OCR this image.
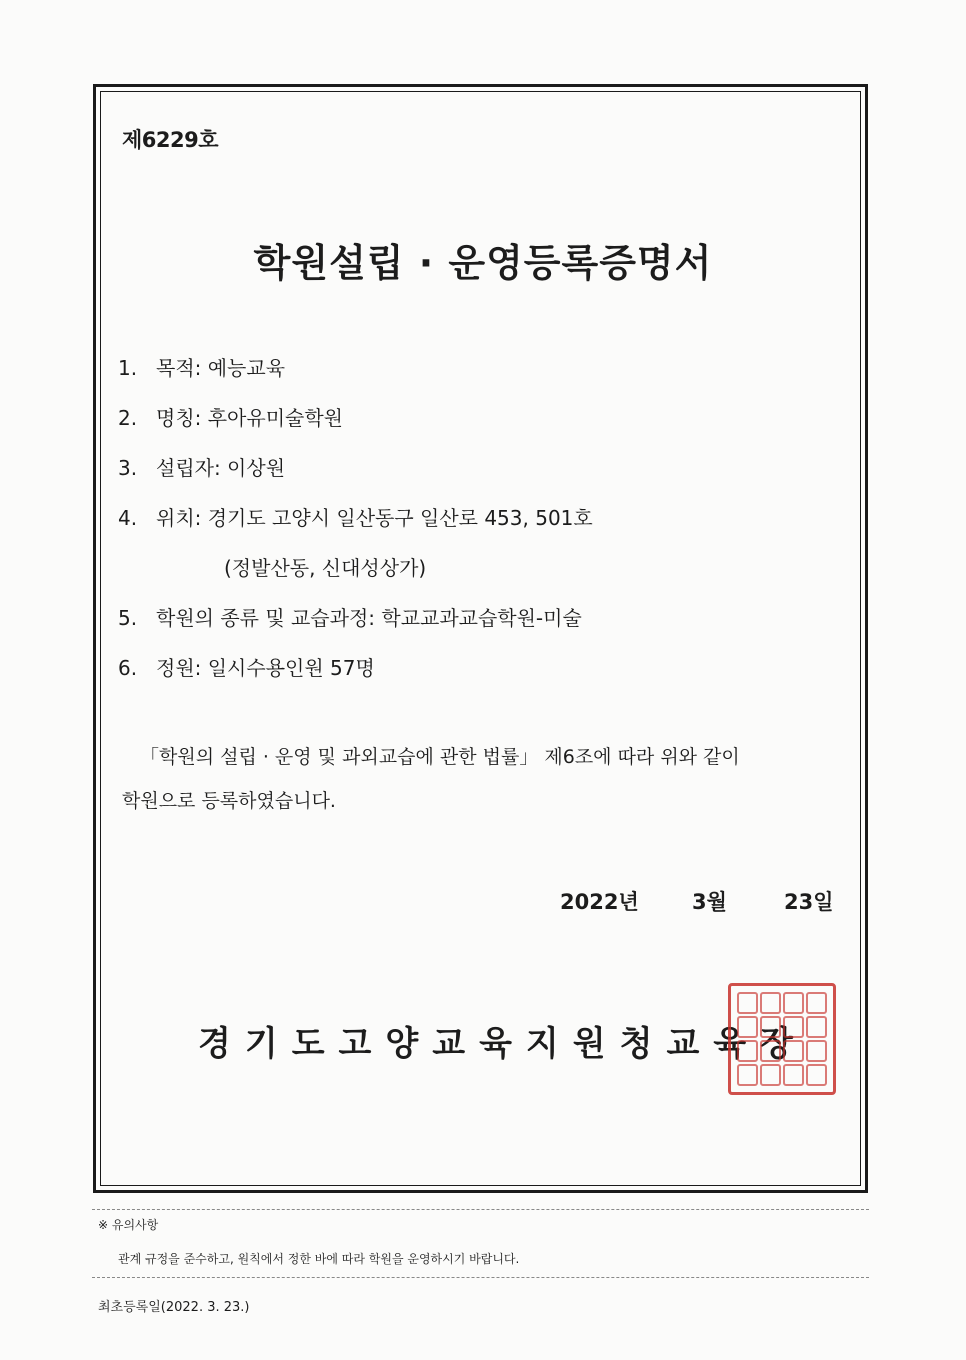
제6229호
학원설립 · 운영등록증명서
1. 목적: 예능교육
2. 명칭: 후아유미술학원
3. 설립자: 이상원
4. 위치: 경기도 고양시 일산동구 일산로 453, 501호
(정발산동, 신대성상가)
5. 학원의 종류 및 교습과정: 학교교과교습학원-미술
6. 정원: 일시수용인원 57명
「학원의 설립 · 운영 및 과외교습에 관한 법률」 제6조에 따라 위와 같이
학원으로 등록하였습니다.
2022년	3월	23일
경기도고양교육지원청교육장
※ 유의사항
관계 규정을 준수하고, 원칙에서 정한 바에 따라 학원을 운영하시기 바랍니다.
최초등록일(2022. 3. 23.)
